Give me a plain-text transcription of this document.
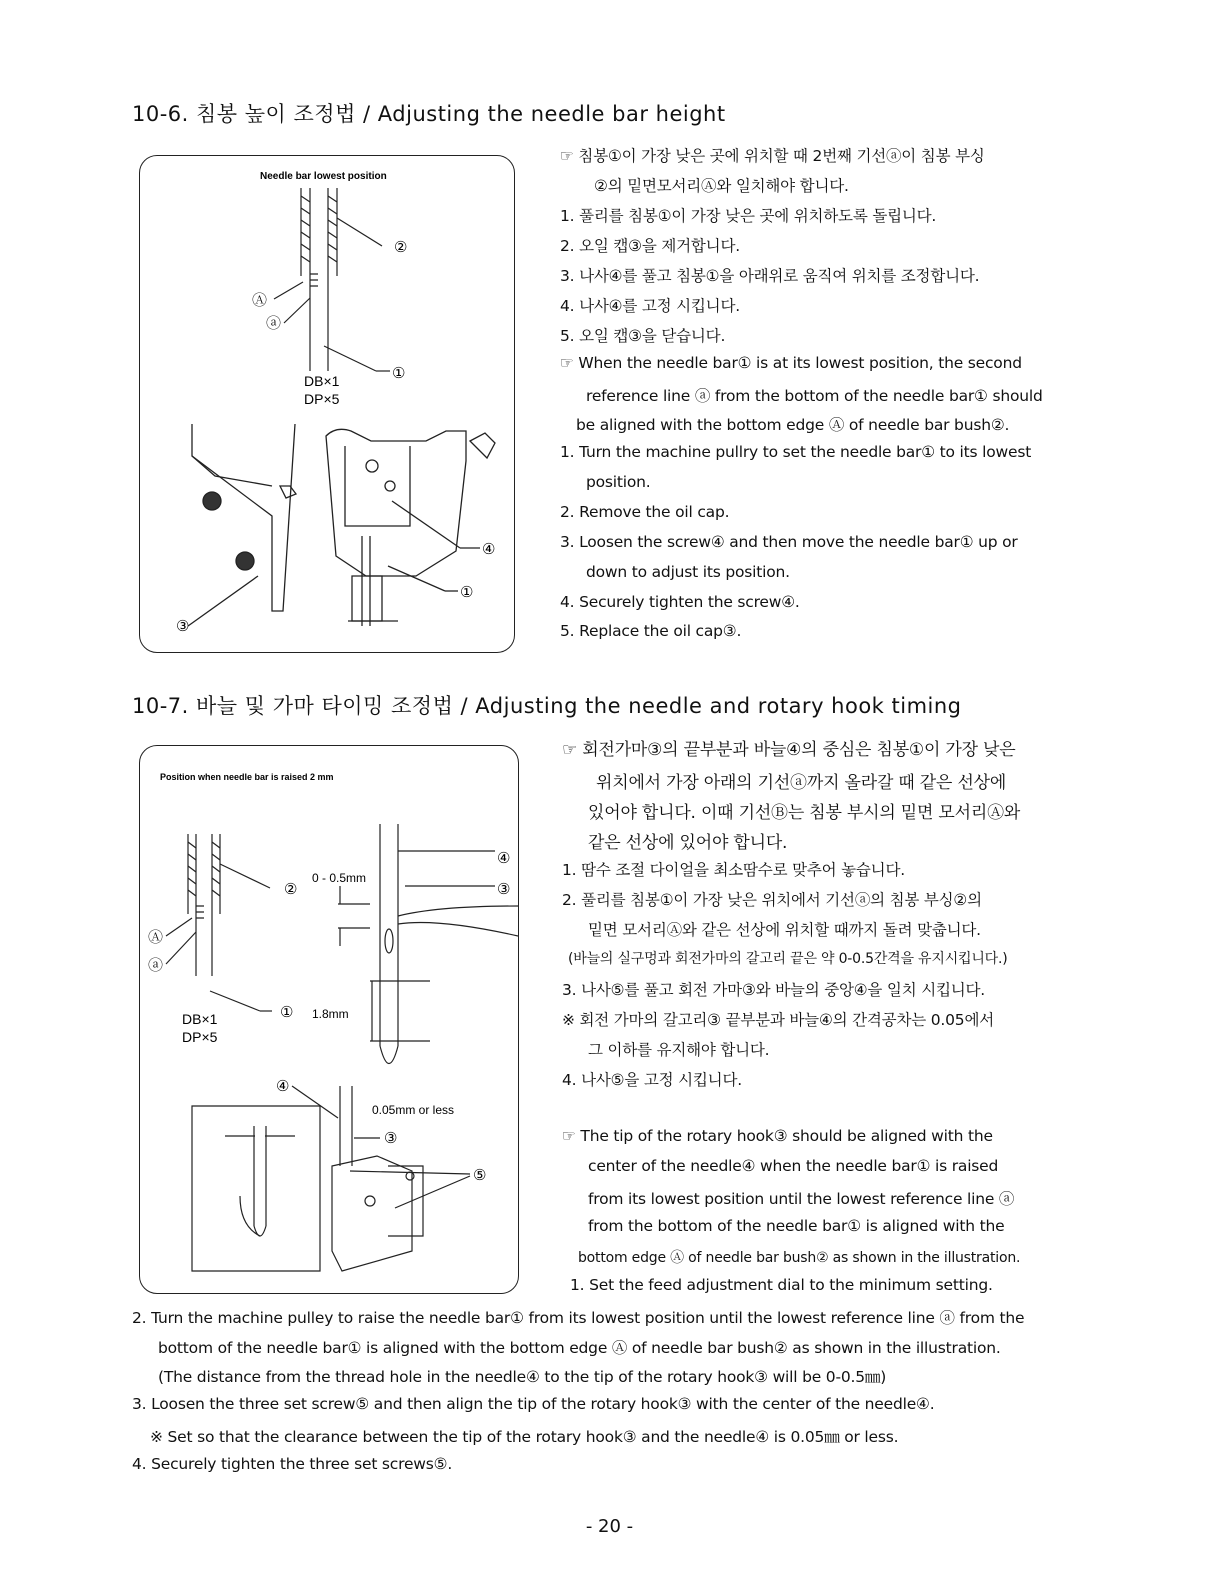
10-6. 침봉 높이 조정법 / Adjusting the needle bar height
Needle bar lowest position
②
Ⓐ
ⓐ
①
DB×1
DP×5
④
①
③
☞ 침봉①이 가장 낮은 곳에 위치할 때 2번째 기선ⓐ이 침봉 부싱
②의 밑면모서리Ⓐ와 일치해야 합니다.
1. 풀리를 침봉①이 가장 낮은 곳에 위치하도록 돌립니다.
2. 오일 캡③을 제거합니다.
3. 나사④를 풀고 침봉①을 아래위로 움직여 위치를 조정합니다.
4. 나사④를 고정 시킵니다.
5. 오일 캡③을 닫습니다.
☞ When the needle bar① is at its lowest position, the second
reference line ⓐ from the bottom of the needle bar① should
be aligned with the bottom edge Ⓐ of needle bar bush②.
1. Turn the machine pullry to set the needle bar① to its lowest
position.
2. Remove the oil cap.
3. Loosen the screw④ and then move the needle bar① up or
down to adjust its position.
4. Securely tighten the screw④.
5. Replace the oil cap③.
10-7. 바늘 및 가마 타이밍 조정법 / Adjusting the needle and rotary hook timing
Position when needle bar is raised 2 mm
②
Ⓐ
ⓐ
①
DB×1
DP×5
0 - 0.5mm
1.8mm
④
③
④
0.05mm or less
③
⑤
☞ 회전가마③의 끝부분과 바늘④의 중심은 침봉①이 가장 낮은
위치에서 가장 아래의 기선ⓐ까지 올라갈 때 같은 선상에
있어야 합니다. 이때 기선Ⓑ는 침봉 부시의 밑면 모서리Ⓐ와
같은 선상에 있어야 합니다.
1. 땀수 조절 다이얼을 최소땀수로 맞추어 놓습니다.
2. 풀리를 침봉①이 가장 낮은 위치에서 기선ⓐ의 침봉 부싱②의
밑면 모서리Ⓐ와 같은 선상에 위치할 때까지 돌려 맞춥니다.
(바늘의 실구멍과 회전가마의 갈고리 끝은 약 0-0.5간격을 유지시킵니다.)
3. 나사⑤를 풀고 회전 가마③와 바늘의 중앙④을 일치 시킵니다.
※ 회전 가마의 갈고리③ 끝부분과 바늘④의 간격공차는 0.05에서
그 이하를 유지해야 합니다.
4. 나사⑤을 고정 시킵니다.
☞ The tip of the rotary hook③ should be aligned with the
center of the needle④ when the needle bar① is raised
from its lowest position until the lowest reference line ⓐ
from the bottom of the needle bar① is aligned with the
bottom edge Ⓐ of needle bar bush② as shown in the illustration.
1. Set the feed adjustment dial to the minimum setting.
2. Turn the machine pulley to raise the needle bar① from its lowest position until the lowest reference line ⓐ from the
bottom of the needle bar① is aligned with the bottom edge Ⓐ of needle bar bush② as shown in the illustration.
(The distance from the thread hole in the needle④ to the tip of the rotary hook③ will be 0-0.5㎜)
3. Loosen the three set screw⑤ and then align the tip of the rotary hook③ with the center of the needle④.
※ Set so that the clearance between the tip of the rotary hook③ and the needle④ is 0.05㎜ or less.
4. Securely tighten the three set screws⑤.
- 20 -
